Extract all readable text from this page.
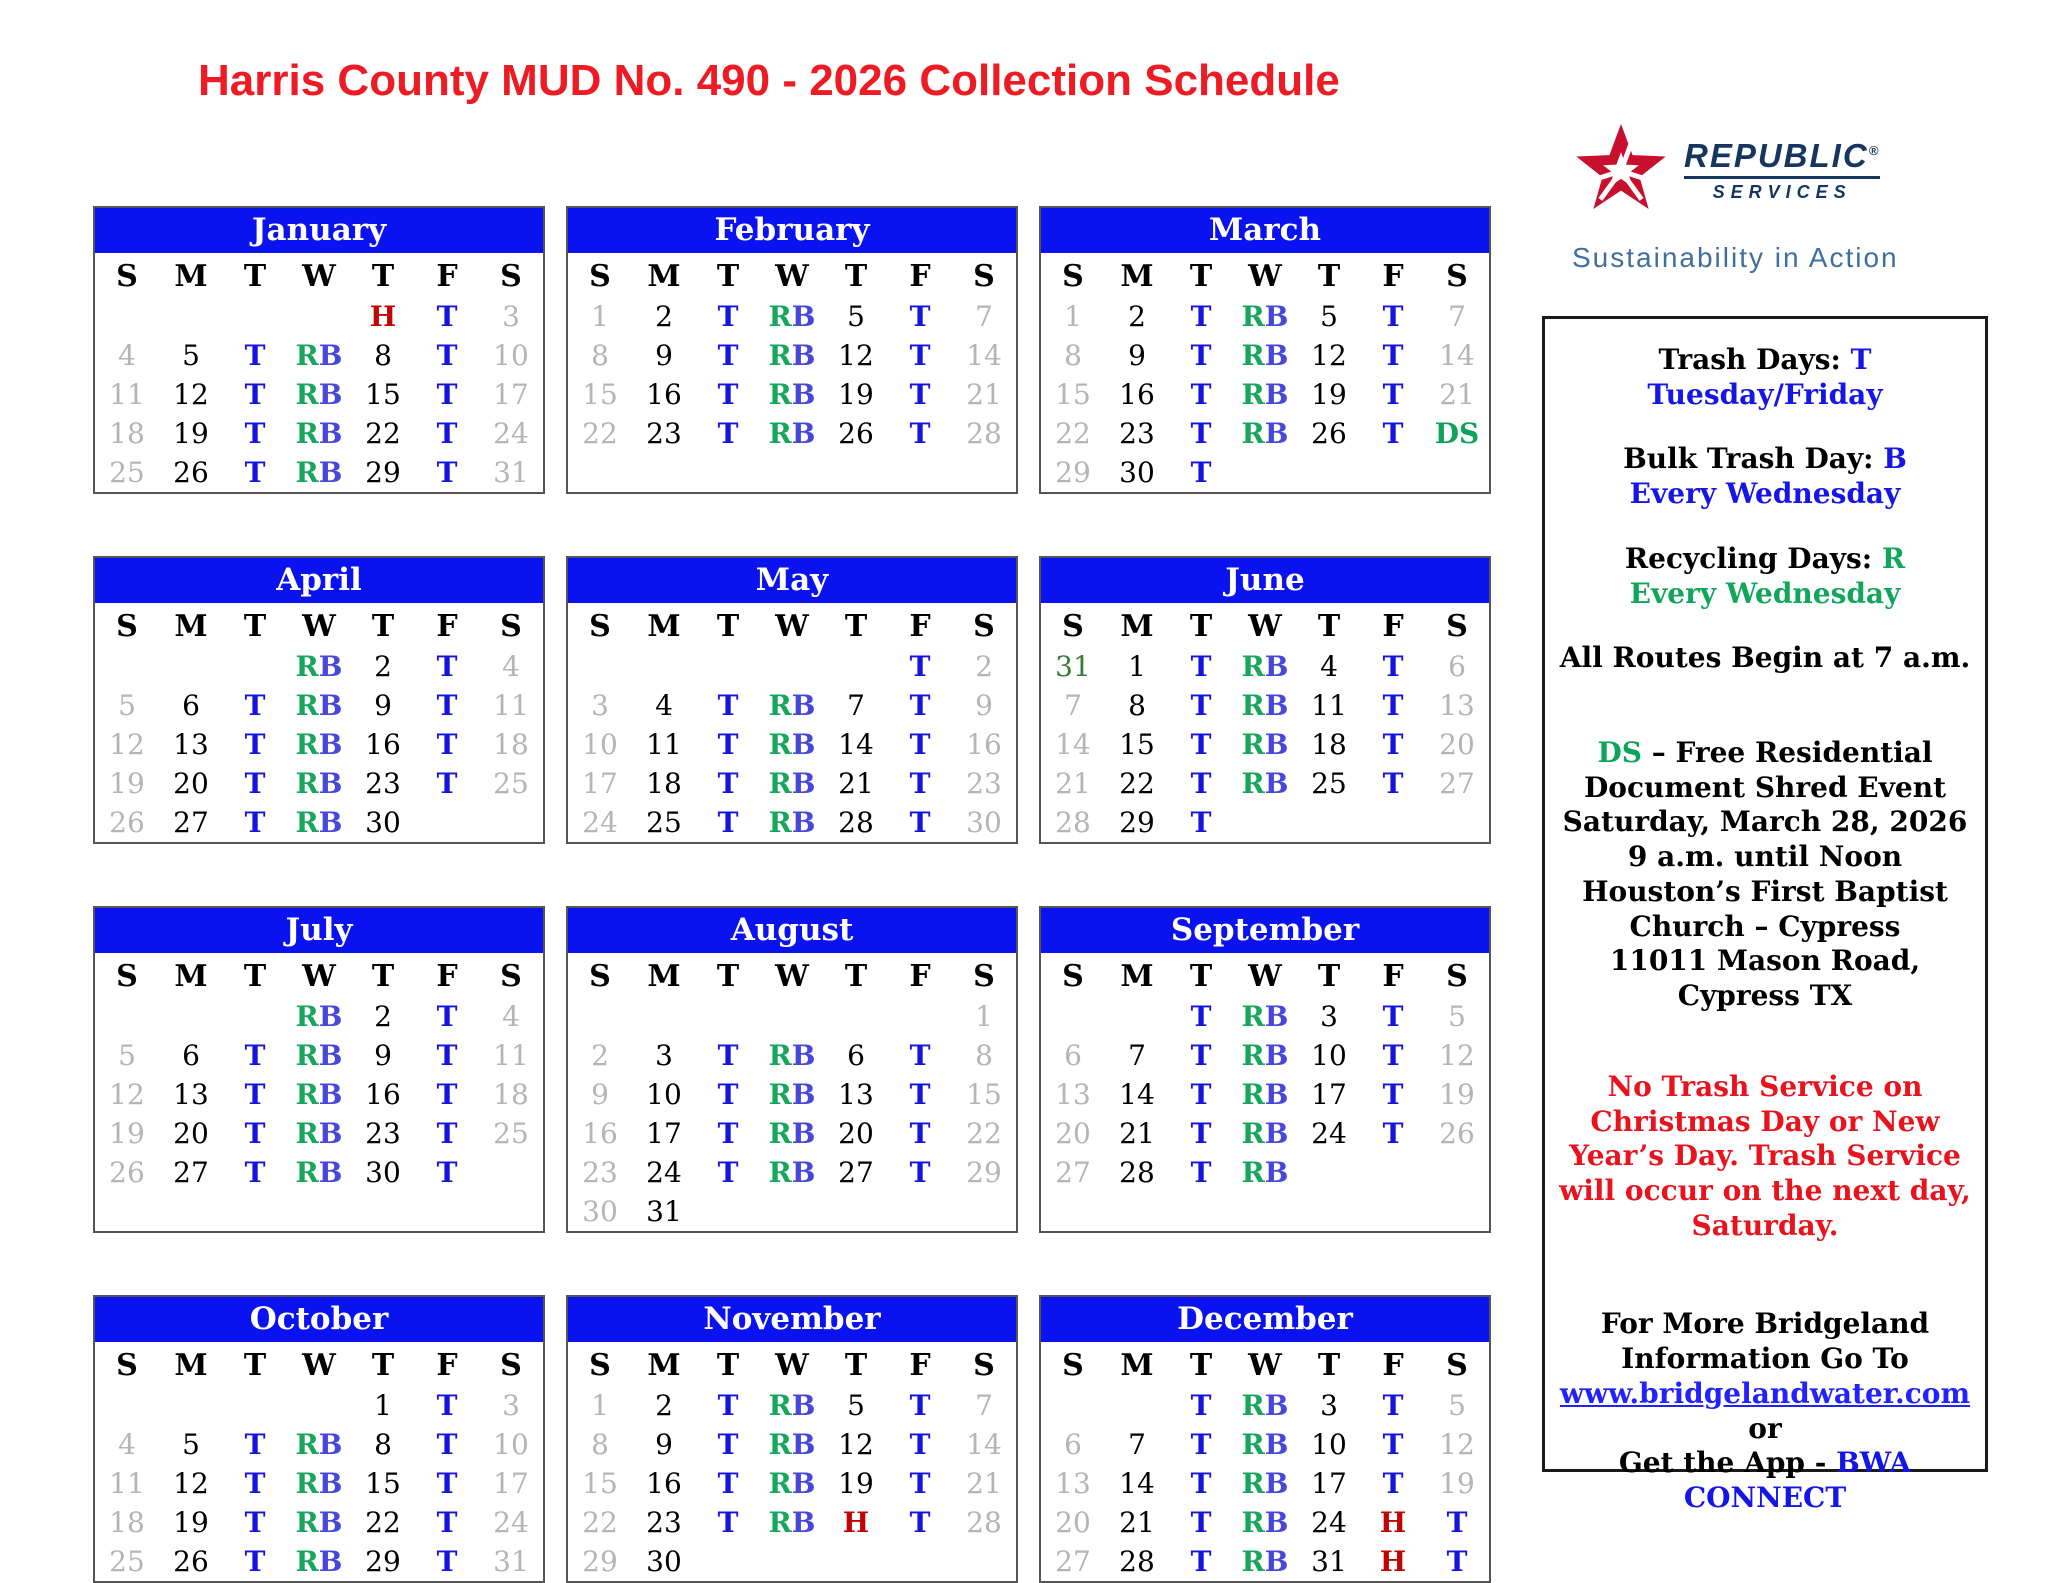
Harris County MUD No. 490 - 2026 Collection Schedule
REPUBLIC®
SERVICES
Sustainability in Action
January
S	M	T	W	T	F	S
				H	T	3
4	5	T	RB	8	T	10
11	12	T	RB	15	T	17
18	19	T	RB	22	T	24
25	26	T	RB	29	T	31
February
S	M	T	W	T	F	S
1	2	T	RB	5	T	7
8	9	T	RB	12	T	14
15	16	T	RB	19	T	21
22	23	T	RB	26	T	28
March
S	M	T	W	T	F	S
1	2	T	RB	5	T	7
8	9	T	RB	12	T	14
15	16	T	RB	19	T	21
22	23	T	RB	26	T	DS
29	30	T				
April
S	M	T	W	T	F	S
			RB	2	T	4
5	6	T	RB	9	T	11
12	13	T	RB	16	T	18
19	20	T	RB	23	T	25
26	27	T	RB	30		
May
S	M	T	W	T	F	S
					T	2
3	4	T	RB	7	T	9
10	11	T	RB	14	T	16
17	18	T	RB	21	T	23
24	25	T	RB	28	T	30
June
S	M	T	W	T	F	S
31	1	T	RB	4	T	6
7	8	T	RB	11	T	13
14	15	T	RB	18	T	20
21	22	T	RB	25	T	27
28	29	T				
July
S	M	T	W	T	F	S
			RB	2	T	4
5	6	T	RB	9	T	11
12	13	T	RB	16	T	18
19	20	T	RB	23	T	25
26	27	T	RB	30	T	
August
S	M	T	W	T	F	S
						1
2	3	T	RB	6	T	8
9	10	T	RB	13	T	15
16	17	T	RB	20	T	22
23	24	T	RB	27	T	29
30	31					
September
S	M	T	W	T	F	S
		T	RB	3	T	5
6	7	T	RB	10	T	12
13	14	T	RB	17	T	19
20	21	T	RB	24	T	26
27	28	T	RB			
October
S	M	T	W	T	F	S
				1	T	3
4	5	T	RB	8	T	10
11	12	T	RB	15	T	17
18	19	T	RB	22	T	24
25	26	T	RB	29	T	31
November
S	M	T	W	T	F	S
1	2	T	RB	5	T	7
8	9	T	RB	12	T	14
15	16	T	RB	19	T	21
22	23	T	RB	H	T	28
29	30					
December
S	M	T	W	T	F	S
		T	RB	3	T	5
6	7	T	RB	10	T	12
13	14	T	RB	17	T	19
20	21	T	RB	24	H	T
27	28	T	RB	31	H	T
Trash Days: T
Tuesday/Friday
Bulk Trash Day: B
Every Wednesday
Recycling Days: R
Every Wednesday
All Routes Begin at 7 a.m.
DS – Free Residential
Document Shred Event
Saturday, March 28, 2026
9 a.m. until Noon
Houston’s First Baptist
Church – Cypress
11011 Mason Road, Cypress TX
No Trash Service on Christmas Day or New Year’s Day. Trash Service will occur on the next day, Saturday.
For More Bridgeland
Information Go To
www.bridgelandwater.com or
Get the App - BWA CONNECT
